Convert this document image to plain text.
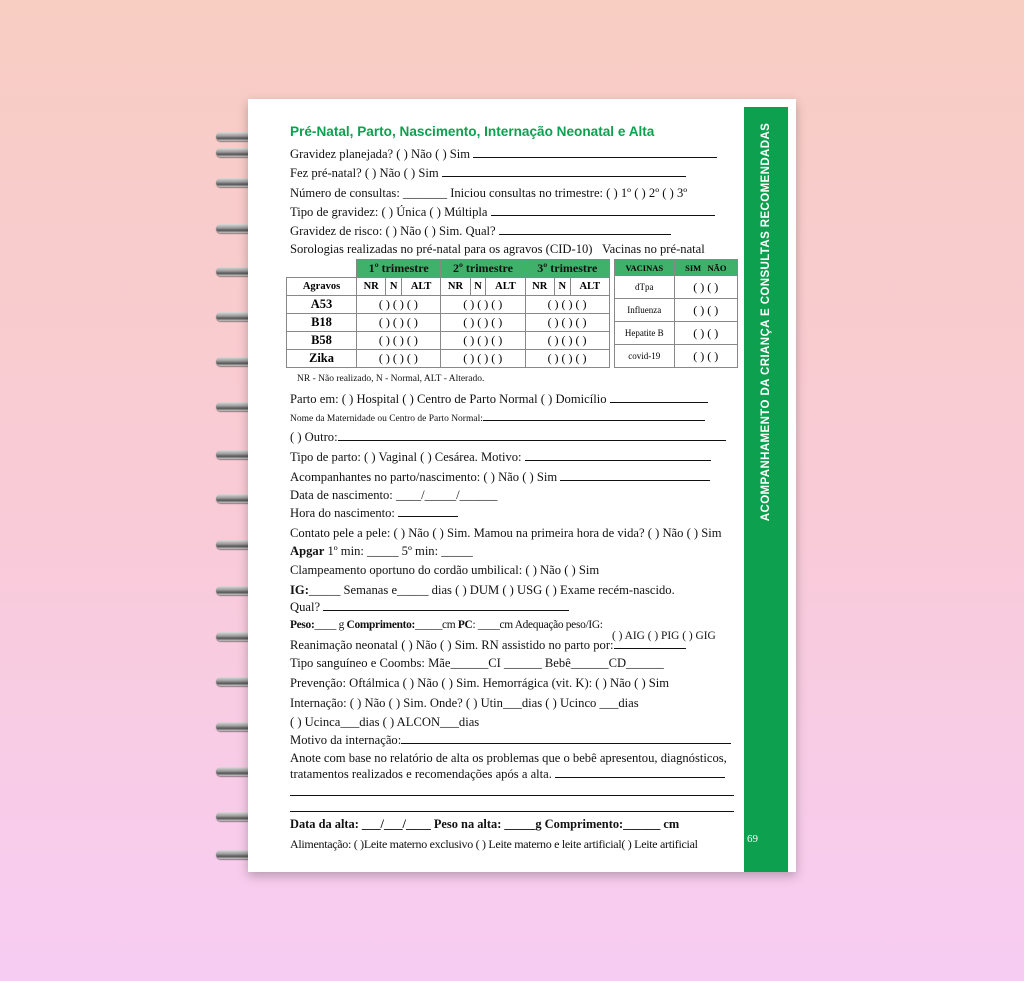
ACOMPANHAMENTO DA CRIANÇA E CONSULTAS RECOMENDADAS
69
Pré-Natal, Parto, Nascimento, Internação Neonatal e Alta
Gravidez planejada? ( ) Não ( ) Sim
Fez pré-natal? ( ) Não ( ) Sim
Número de consultas: _______ Iniciou consultas no trimestre: ( ) 1º ( ) 2º ( ) 3º
Tipo de gravidez: ( ) Única ( ) Múltipla
Gravidez de risco: ( ) Não ( ) Sim. Qual?
Sorologias realizadas no pré-natal para os agravos (CID-10) Vacinas no pré-natal
	1º trimestre			2º trimestre			3º trimestre		
Agravos	NR	N	ALT	NR	N	ALT	NR	N	ALT
A53	( ) ( ) ( )			( ) ( ) ( )			( ) ( ) ( )		
B18	( ) ( ) ( )			( ) ( ) ( )			( ) ( ) ( )		
B58	( ) ( ) ( )			( ) ( ) ( )			( ) ( ) ( )		
Zika	( ) ( ) ( )			( ) ( ) ( )			( ) ( ) ( )		
VACINAS	SIM NÃO
dTpa	( ) ( )
Influenza	( ) ( )
Hepatite B	( ) ( )
covid-19	( ) ( )
NR - Não realizado, N - Normal, ALT - Alterado.
Parto em: ( ) Hospital ( ) Centro de Parto Normal ( ) Domicílio
Nome da Maternidade ou Centro de Parto Normal:
( ) Outro:
Tipo de parto: ( ) Vaginal ( ) Cesárea. Motivo:
Acompanhantes no parto/nascimento: ( ) Não ( ) Sim
Data de nascimento: ____/_____/______
Hora do nascimento:
Contato pele a pele: ( ) Não ( ) Sim. Mamou na primeira hora de vida? ( ) Não ( ) Sim
Apgar 1º min: _____ 5º min: _____
Clampeamento oportuno do cordão umbilical: ( ) Não ( ) Sim
IG:_____ Semanas e_____ dias ( ) DUM ( ) USG ( ) Exame recém-nascido.
Qual?
Peso:____ g Comprimento:_____cm PC: ____cm Adequação peso/IG:
( ) AIG ( ) PIG ( ) GIG
Reanimação neonatal ( ) Não ( ) Sim. RN assistido no parto por:
Tipo sanguíneo e Coombs: Mãe______CI ______ Bebê______CD______
Prevenção: Oftálmica ( ) Não ( ) Sim. Hemorrágica (vit. K): ( ) Não ( ) Sim
Internação: ( ) Não ( ) Sim. Onde? ( ) Utin___dias ( ) Ucinco ___dias
( ) Ucinca___dias ( ) ALCON___dias
Motivo da internação:
Anote com base no relatório de alta os problemas que o bebê apresentou, diagnósticos,
tratamentos realizados e recomendações após a alta.
Data da alta: ___/___/____ Peso na alta: _____g Comprimento:______ cm
Alimentação: ( )Leite materno exclusivo ( ) Leite materno e leite artificial( ) Leite artificial
